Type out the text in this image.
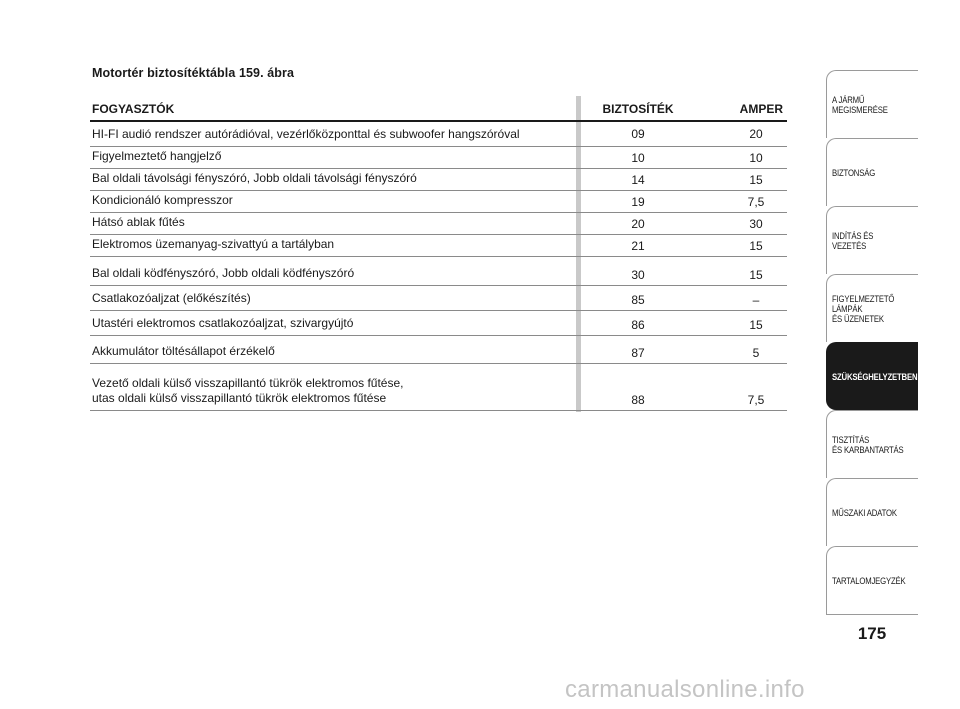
Motortér biztosítéktábla 159. ábra
FOGYASZTÓK	BIZTOSÍTÉK	AMPER
HI-FI audió rendszer autórádióval, vezérlőközponttal és subwoofer hangszóróval	09	20
Figyelmeztető hangjelző	10	10
Bal oldali távolsági fényszóró, Jobb oldali távolsági fényszóró	14	15
Kondicionáló kompresszor	19	7,5
Hátsó ablak fűtés	20	30
Elektromos üzemanyag-szivattyú a tartályban	21	15
Bal oldali ködfényszóró, Jobb oldali ködfényszóró	30	15
Csatlakozóaljzat (előkészítés)	85	–
Utastéri elektromos csatlakozóaljzat, szivargyújtó	86	15
Akkumulátor töltésállapot érzékelő	87	5
Vezető oldali külső visszapillantó tükrök elektromos fűtése,
utas oldali külső visszapillantó tükrök elektromos fűtése	88	7,5
A JÁRMŰ
MEGISMERÉSE
BIZTONSÁG
INDÍTÁS ÉS VEZETÉS
FIGYELMEZTETŐ
LÁMPÁK
ÉS ÜZENETEK
SZÜKSÉGHELYZETBEN
TISZTÍTÁS
ÉS KARBANTARTÁS
MŰSZAKI ADATOK
TARTALOMJEGYZÉK
175
carmanualsonline.info
